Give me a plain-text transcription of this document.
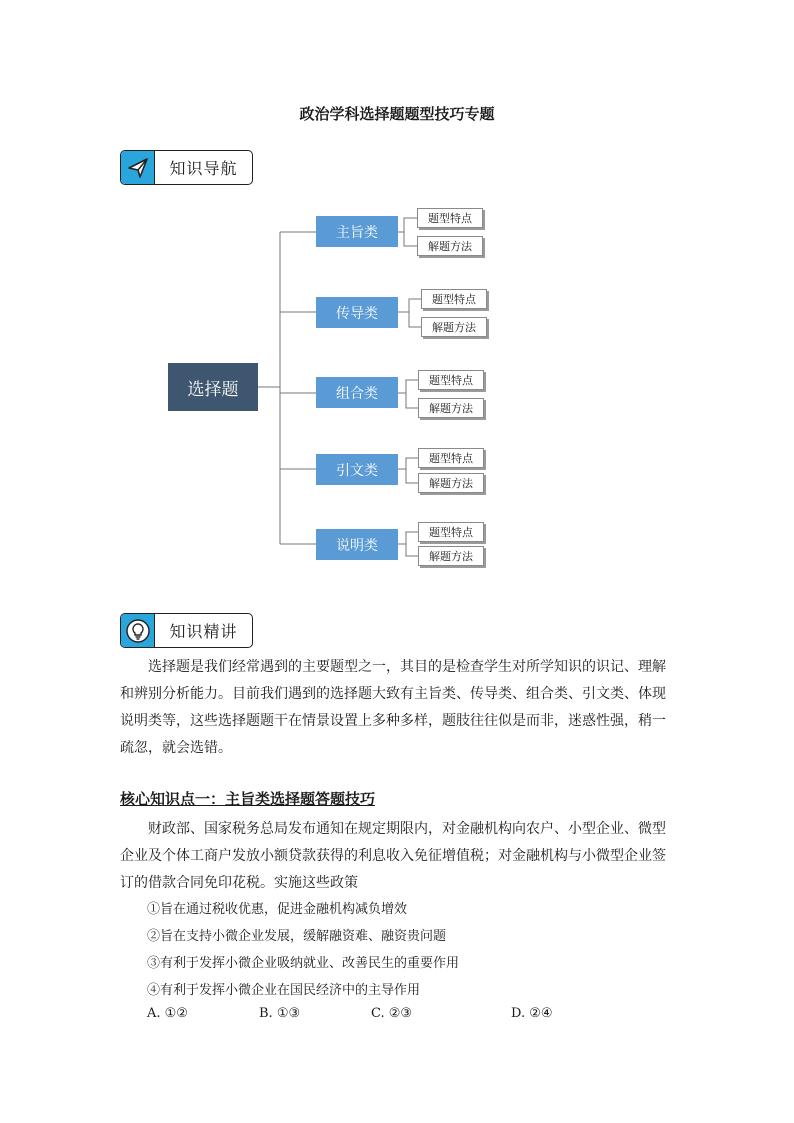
政治学科选择题题型技巧专题
知识导航
选择题
主旨类
传导类
组合类
引文类
说明类
题型特点
解题方法
题型特点
解题方法
题型特点
解题方法
题型特点
解题方法
题型特点
解题方法
知识精讲

选择题是我们经常遇到的主要题型之一，其目的是检查学生对所学知识的识记、理解和辨别分析能力。目前我们遇到的选择题大致有主旨类、传导类、组合类、引文类、体现说明类等，这些选择题题干在情景设置上多种多样，题肢往往似是而非，迷惑性强，稍一疏忽，就会选错。

核心知识点一：主旨类选择题答题技巧

财政部、国家税务总局发布通知在规定期限内，对金融机构向农户、小型企业、微型企业及个体工商户发放小额贷款获得的利息收入免征增值税；对金融机构与小微型企业签订的借款合同免印花税。实施这些政策

①旨在通过税收优惠，促进金融机构减负增效
②旨在支持小微企业发展，缓解融资难、融资贵问题
③有利于发挥小微企业吸纳就业、改善民生的重要作用
④有利于发挥小微企业在国民经济中的主导作用
A. ①②	B. ①③	C. ②③	D. ②④
